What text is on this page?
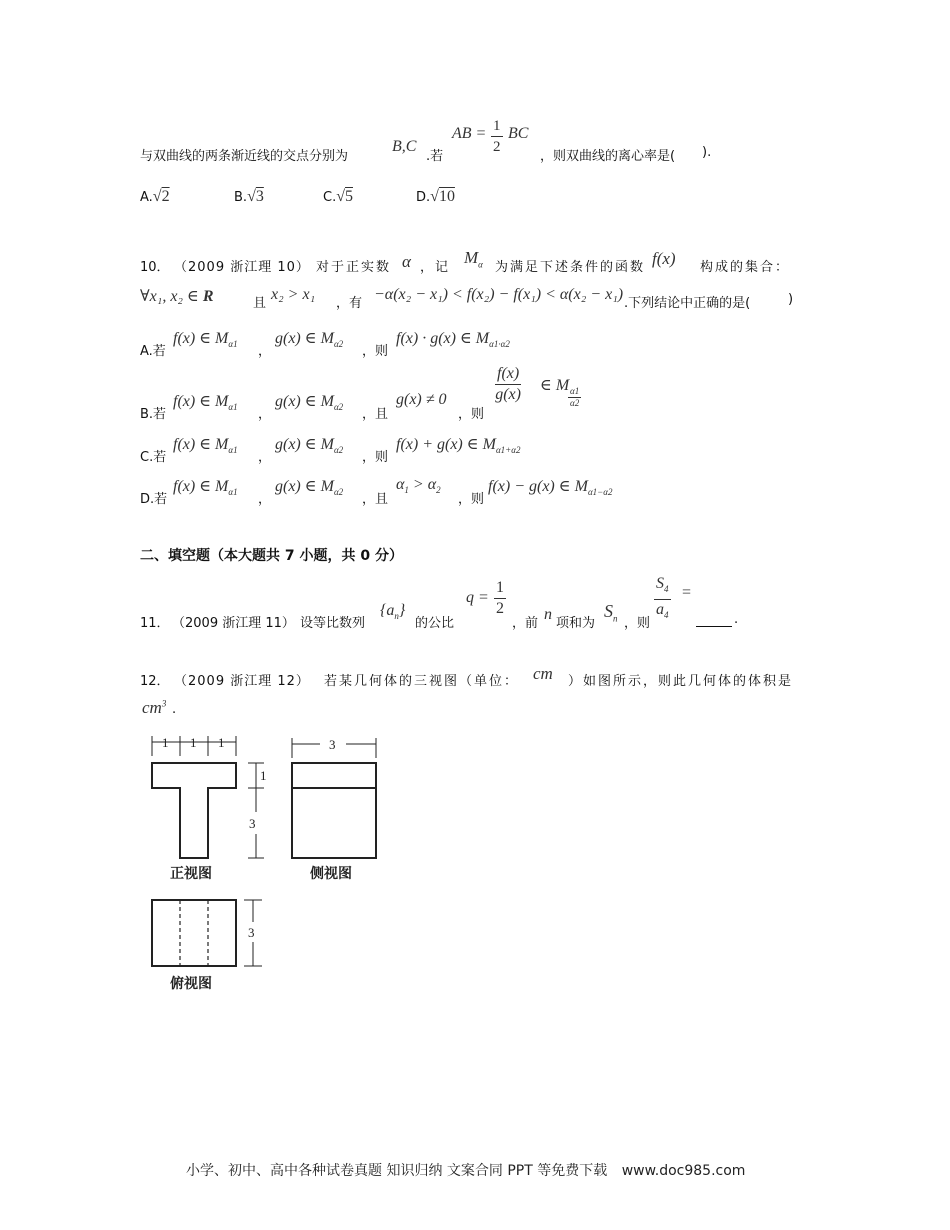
与双曲线的两条渐近线的交点分别为
B,C
.若
AB = $\frac{1}{2}$ BC
，则双曲线的离心率是( ).
A.√2	B.√3	C.√5	D.√10
10． （2009 浙江理 10） 对于正实数 α ，记
$M_\alpha$ 为满足下述条件的函数 f(x) 构成的集合：
∀x₁, x₂ ∈ R	且
x₂ > x₁
，有
−α(x₂ − x₁) < f(x₂) − f(x₁) < α(x₂ − x₁)
.下列结论中正确的是(	)
A.若
f(x) ∈ $M_{\alpha 1}$ ，
g(x) ∈ $M_{\alpha 2}$ ，则
f(x) · g(x) ∈ $M_{\alpha 1\cdot\alpha 2}$
B.若
f(x) ∈ $M_{\alpha 1}$ ，
g(x) ∈ $M_{\alpha 2}$ ，且
g(x) ≠ 0
，则
$\frac{f(x)}{g(x)}$ ∈ M
$\frac{\alpha 1}{\alpha 2}$
C.若
f(x) ∈ $M_{\alpha 1}$ ，
g(x) ∈ $M_{\alpha 2}$ ，则
f(x) + g(x) ∈ $M_{\alpha 1+\alpha 2}$
D.若
f(x) ∈ $M_{\alpha 1}$ ，
g(x) ∈ $M_{\alpha 2}$ ，且
$\alpha_1 > \alpha_2$
，则
f(x) − g(x) ∈ $M_{\alpha 1-\alpha 2}$
二、填空题（本大题共 7 小题，共 0 分）
11． （2009 浙江理 11） 设等比数列
$\{a_n\}$
的公比
$q = \frac{1}{2}$
，前
n
项和为
$S_n$ ，则 $\frac{S_4}{a_4}$ =
.
12． （2009 浙江理 12） 若某几何体的三视图（单位： cm ）如图所示，则此几何体的体积是
$cm^3$ .
1 1 1	3
1
3
3
正视图	侧视图
俯视图
小学、初中、高中各种试卷真题 知识归纳 文案合同 PPT 等免费下载 www.doc985.com
